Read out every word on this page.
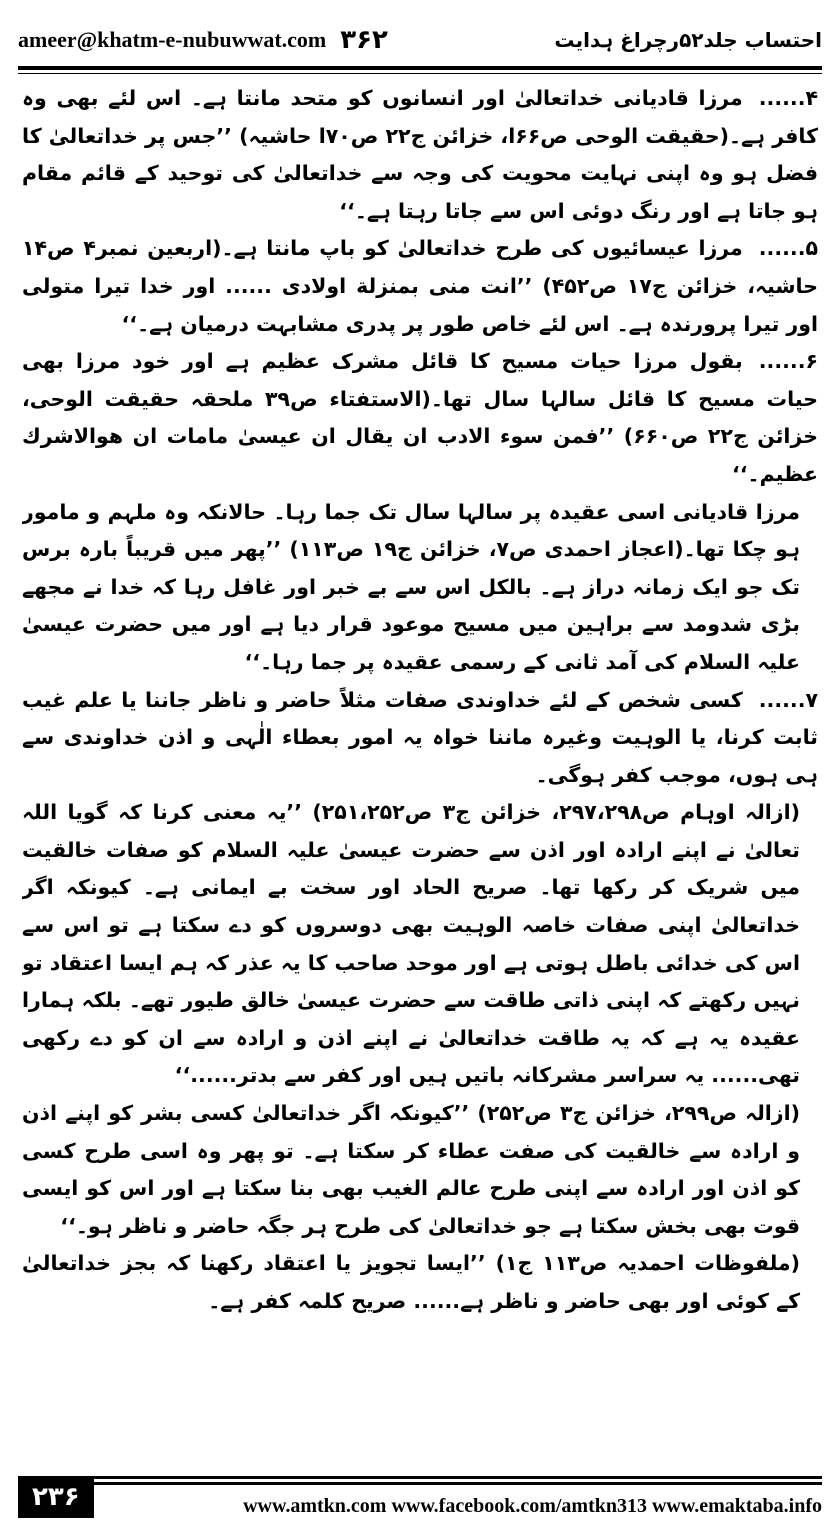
ameer@khatm-e-nubuwwat.com ۳۶۲	احتساب جلد۵۲رچراغ ہدایت

۴......مرزا قادیانی خداتعالیٰ اور انسانوں کو متحد مانتا ہے۔ اس لئے بھی وہ کافر ہے۔(حقیقت الوحی ص۶۶ا، خزائن ج۲۲ ص۷۰ا حاشیہ) ’’جس پر خداتعالیٰ کا فضل ہو وہ اپنی نہایت محویت کی وجہ سے خداتعالیٰ کی توحید کے قائم مقام ہو جاتا ہے اور رنگ دوئی اس سے جاتا رہتا ہے۔‘‘

۵......مرزا عیسائیوں کی طرح خداتعالیٰ کو باپ مانتا ہے۔(اربعین نمبر۴ ص۱۴ حاشیہ، خزائن ج۱۷ ص۴۵۲) ’’انت منی بمنزلة اولادی ...... اور خدا تیرا متولی اور تیرا پرورندہ ہے۔ اس لئے خاص طور پر پدری مشابہت درمیان ہے۔‘‘

۶......بقول مرزا حیات مسیح کا قائل مشرک عظیم ہے اور خود مرزا بھی حیات مسیح کا قائل سالہا سال تھا۔(الاستفتاء ص۳۹ ملحقہ حقیقت الوحی، خزائن ج۲۲ ص۶۶۰) ’’فمن سوء الادب ان یقال ان عیسیٰ مامات ان ھوالاشرك عظیم۔‘‘

مرزا قادیانی اسی عقیدہ پر سالہا سال تک جما رہا۔ حالانکہ وہ ملہم و مامور ہو چکا تھا۔(اعجاز احمدی ص۷، خزائن ج۱۹ ص۱۱۳) ’’پھر میں قریباً بارہ برس تک جو ایک زمانہ دراز ہے۔ بالکل اس سے بے خبر اور غافل رہا کہ خدا نے مجھے بڑی شدومد سے براہین میں مسیح موعود قرار دیا ہے اور میں حضرت عیسیٰ علیہ السلام کی آمد ثانی کے رسمی عقیدہ پر جما رہا۔‘‘

۷......کسی شخص کے لئے خداوندی صفات مثلاً حاضر و ناظر جاننا یا علم غیب ثابت کرنا، یا الوہیت وغیرہ ماننا خواہ یہ امور بعطاء الٰہی و اذن خداوندی سے ہی ہوں، موجب کفر ہوگی۔

(ازالہ اوہام ص۲۹۷،۲۹۸، خزائن ج۳ ص۲۵۱،۲۵۲) ’’یہ معنی کرنا کہ گویا اللہ تعالیٰ نے اپنے ارادہ اور اذن سے حضرت عیسیٰ علیہ السلام کو صفات خالقیت میں شریک کر رکھا تھا۔ صریح الحاد اور سخت بے ایمانی ہے۔ کیونکہ اگر خداتعالیٰ اپنی صفات خاصہ الوہیت بھی دوسروں کو دے سکتا ہے تو اس سے اس کی خدائی باطل ہوتی ہے اور موحد صاحب کا یہ عذر کہ ہم ایسا اعتقاد تو نہیں رکھتے کہ اپنی ذاتی طاقت سے حضرت عیسیٰ خالق طیور تھے۔ بلکہ ہمارا عقیدہ یہ ہے کہ یہ طاقت خداتعالیٰ نے اپنے اذن و ارادہ سے ان کو دے رکھی تھی...... یہ سراسر مشرکانہ باتیں ہیں اور کفر سے بدتر......‘‘

(ازالہ ص۲۹۹، خزائن ج۳ ص۲۵۲) ’’کیونکہ اگر خداتعالیٰ کسی بشر کو اپنے اذن و ارادہ سے خالقیت کی صفت عطاء کر سکتا ہے۔ تو پھر وہ اسی طرح کسی کو اذن اور ارادہ سے اپنی طرح عالم الغیب بھی بنا سکتا ہے اور اس کو ایسی قوت بھی بخش سکتا ہے جو خداتعالیٰ کی طرح ہر جگہ حاضر و ناظر ہو۔‘‘

(ملفوظات احمدیہ ص۱۱۳ ج۱) ’’ایسا تجویز یا اعتقاد رکھنا کہ بجز خداتعالیٰ کے کوئی اور بھی حاضر و ناظر ہے...... صریح کلمہ کفر ہے۔

۲۳۶	www.amtkn.com www.facebook.com/amtkn313 www.emaktaba.info
